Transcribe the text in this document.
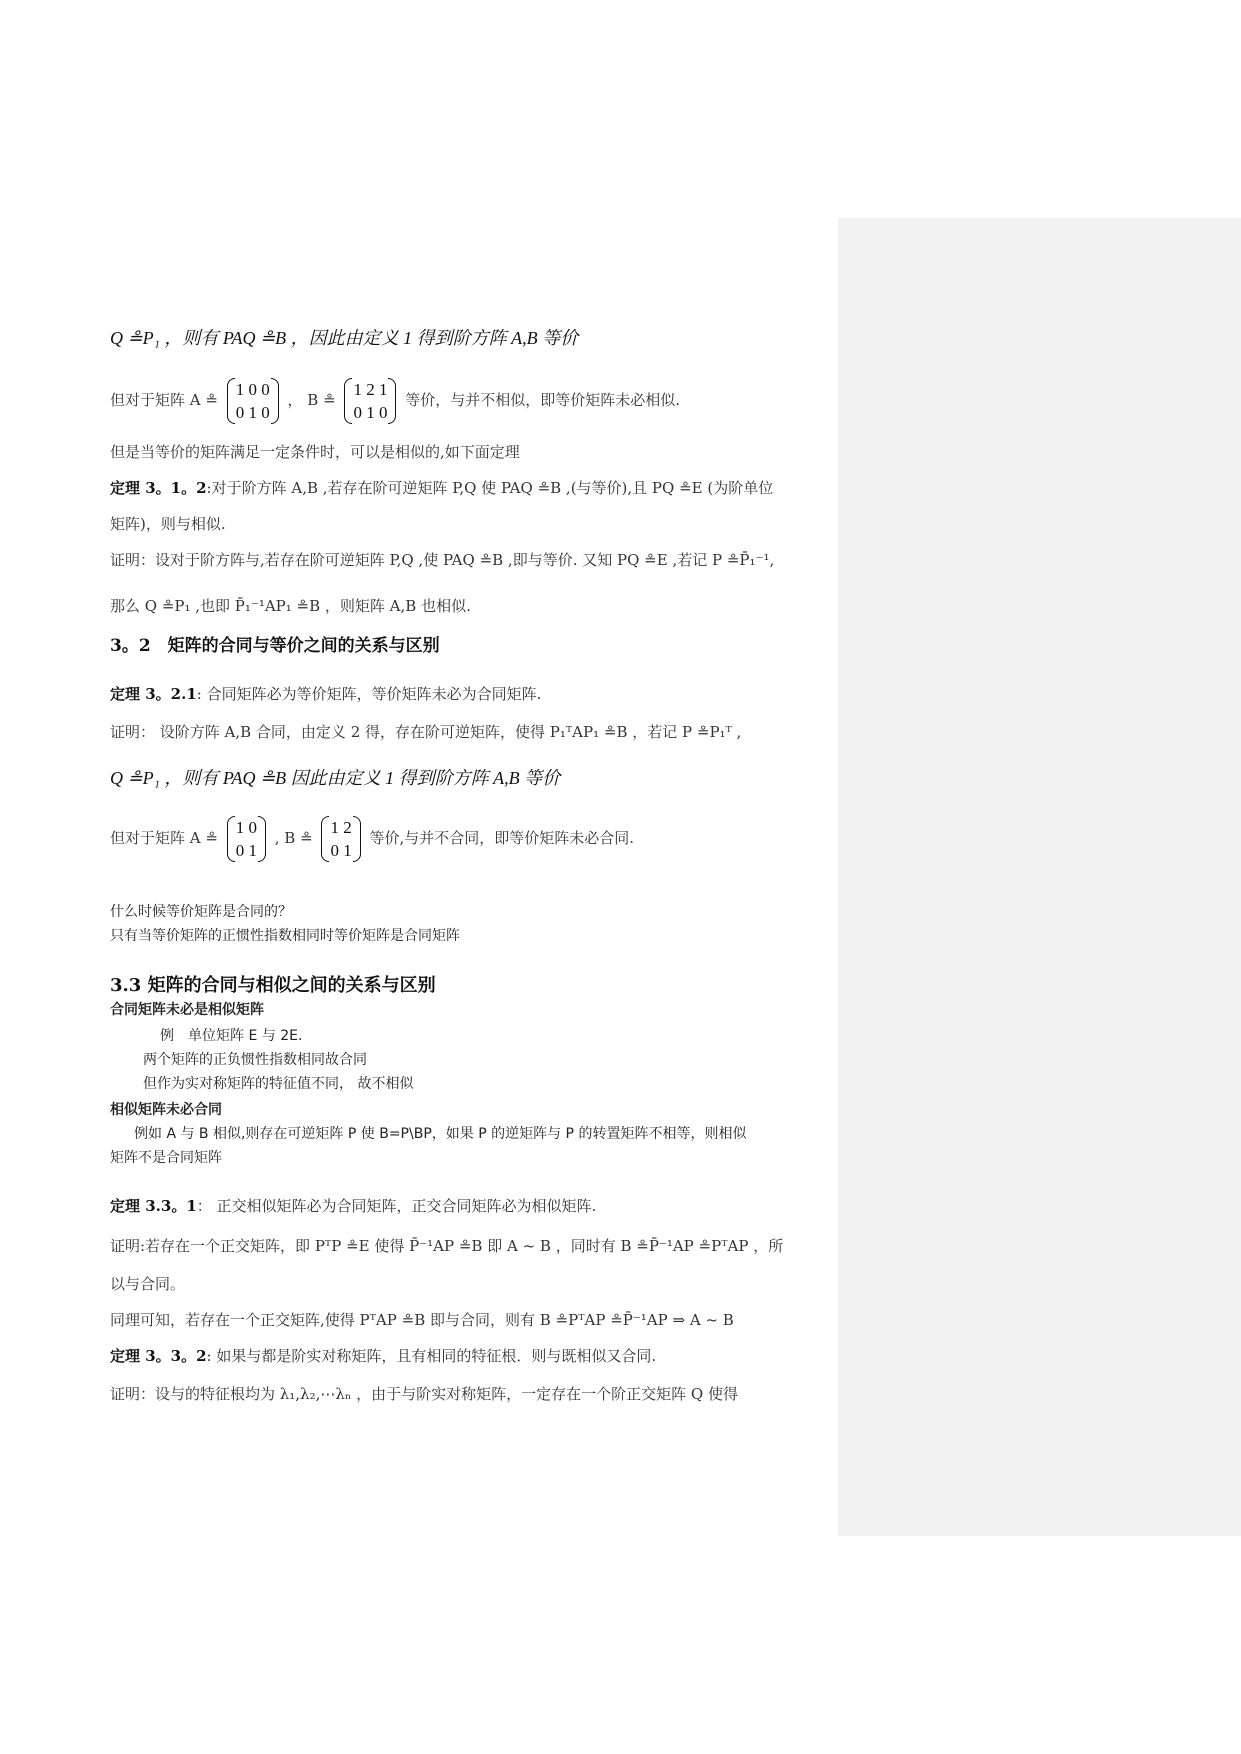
Q ≗P₁ ，则有 PAQ ≗B ，因此由定义 1 得到阶方阵 A,B 等价
但对于矩阵 A ≗
1 0 0
0 1 0
， B ≗
1 2 1
0 1 0
等价，与并不相似，即等价矩阵未必相似.
但是当等价的矩阵满足一定条件时，可以是相似的,如下面定理
定理 3。1。2:对于阶方阵 A,B ,若存在阶可逆矩阵 P,Q 使 PAQ ≗B ,(与等价),且 PQ ≗E (为阶单位
矩阵)，则与相似.
证明：设对于阶方阵与,若存在阶可逆矩阵 P,Q ,使 PAQ ≗B ,即与等价. 又知 PQ ≗E ,若记 P ≗P̄₁⁻¹,
那么 Q ≗P₁ ,也即 P̄₁⁻¹AP₁ ≗B ，则矩阵 A,B 也相似.
3。2　矩阵的合同与等价之间的关系与区别
定理 3。2.1: 合同矩阵必为等价矩阵，等价矩阵未必为合同矩阵.
证明： 设阶方阵 A,B 合同，由定义 2 得，存在阶可逆矩阵，使得 P₁ᵀAP₁ ≗B ，若记 P ≗P₁ᵀ ,
Q ≗P₁ ，则有 PAQ ≗B 因此由定义 1 得到阶方阵 A,B 等价
但对于矩阵 A ≗
1 0
0 1
, B ≗
1 2
0 1
等价,与并不合同，即等价矩阵未必合同.
什么时候等价矩阵是合同的？
只有当等价矩阵的正惯性指数相同时等价矩阵是合同矩阵
3.3 矩阵的合同与相似之间的关系与区别
合同矩阵未必是相似矩阵
例　单位矩阵 E 与 2E.
两个矩阵的正负惯性指数相同故合同
但作为实对称矩阵的特征值不同， 故不相似
相似矩阵未必合同
例如 A 与 B 相似,则存在可逆矩阵 P 使 B=P\BP，如果 P 的逆矩阵与 P 的转置矩阵不相等，则相似
矩阵不是合同矩阵
定理 3.3。1： 正交相似矩阵必为合同矩阵，正交合同矩阵必为相似矩阵.
证明:若存在一个正交矩阵，即 PᵀP ≗E 使得 P̄⁻¹AP ≗B 即 A ~ B ，同时有 B ≗P̄⁻¹AP ≗PᵀAP ，所
以与合同。
同理可知，若存在一个正交矩阵,使得 PᵀAP ≗B 即与合同，则有 B ≗PᵀAP ≗P̄⁻¹AP ⇒ A ~ B
定理 3。3。2: 如果与都是阶实对称矩阵，且有相同的特征根．则与既相似又合同.
证明：设与的特征根均为 λ₁,λ₂,⋯λₙ ，由于与阶实对称矩阵，一定存在一个阶正交矩阵 Q 使得
